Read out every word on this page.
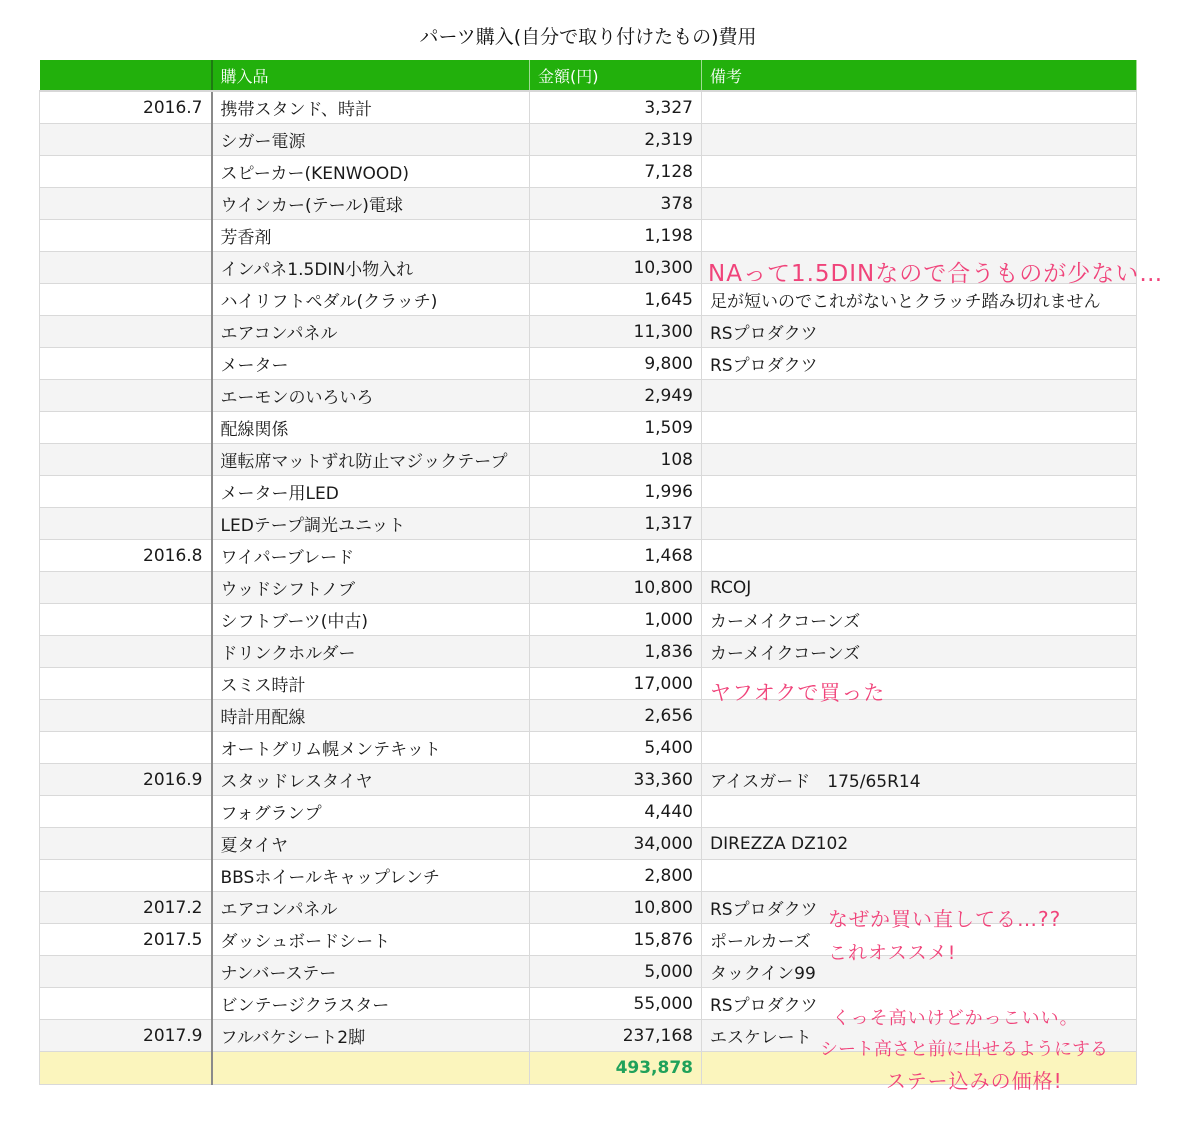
パーツ購入(自分で取り付けたもの)費用
	購入品	金額(円)	備考
2016.7	携帯スタンド、時計	3,327	
	シガー電源	2,319	
	スピーカー(KENWOOD)	7,128	
	ウインカー(テール)電球	378	
	芳香剤	1,198	
	インパネ1.5DIN小物入れ	10,300	
	ハイリフトペダル(クラッチ)	1,645	足が短いのでこれがないとクラッチ踏み切れません
	エアコンパネル	11,300	RSプロダクツ
	メーター	9,800	RSプロダクツ
	エーモンのいろいろ	2,949	
	配線関係	1,509	
	運転席マットずれ防止マジックテープ	108	
	メーター用LED	1,996	
	LEDテープ調光ユニット	1,317	
2016.8	ワイパーブレード	1,468	
	ウッドシフトノブ	10,800	RCOJ
	シフトブーツ(中古)	1,000	カーメイクコーンズ
	ドリンクホルダー	1,836	カーメイクコーンズ
	スミス時計	17,000	
	時計用配線	2,656	
	オートグリム幌メンテキット	5,400	
2016.9	スタッドレスタイヤ	33,360	アイスガード　175/65R14
	フォグランプ	4,440	
	夏タイヤ	34,000	DIREZZA DZ102
	BBSホイールキャップレンチ	2,800	
2017.2	エアコンパネル	10,800	RSプロダクツ
2017.5	ダッシュボードシート	15,876	ポールカーズ
	ナンバーステー	5,000	タックイン99
	ビンテージクラスター	55,000	RSプロダクツ
2017.9	フルバケシート2脚	237,168	エスケレート
		493,878	
NAって1.5DINなので合うものが少ない…
ヤフオクで買った
なぜか買い直してる…??
これオススメ!
くっそ高いけどかっこいい。
シート高さと前に出せるようにする
ステー込みの価格!
